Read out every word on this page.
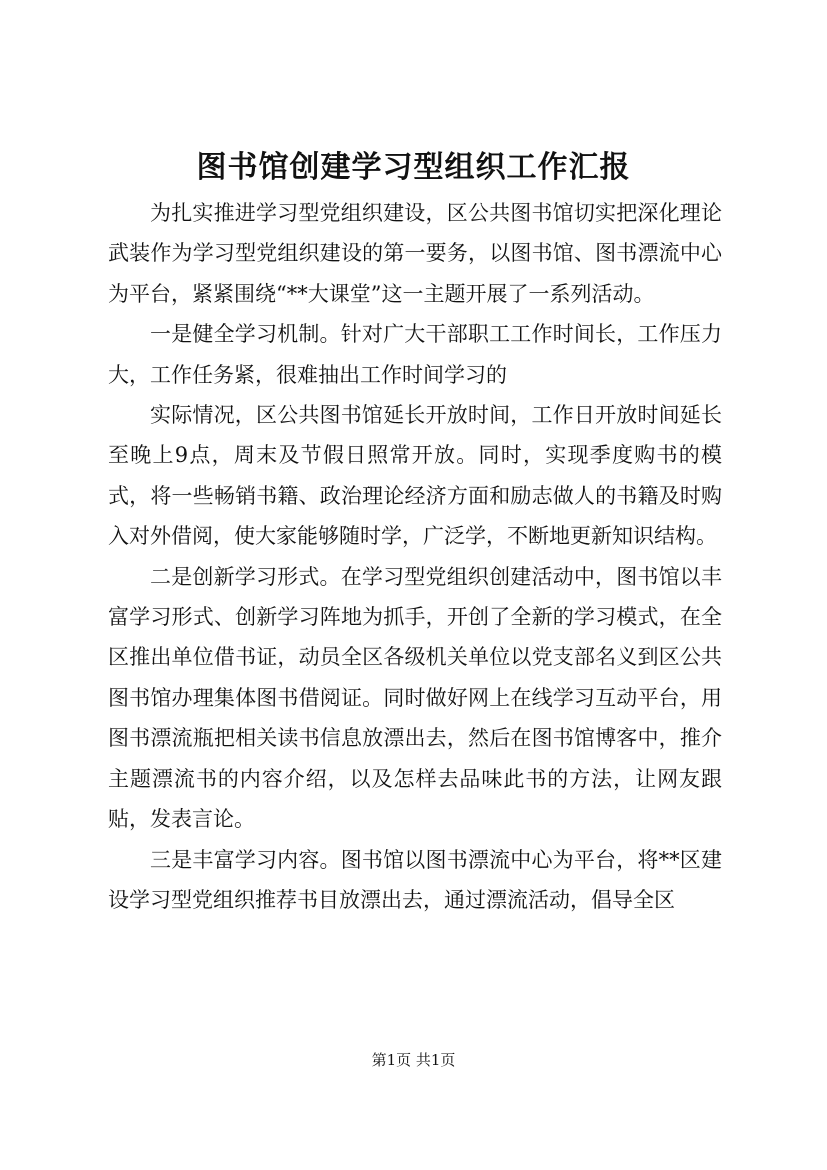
图书馆创建学习型组织工作汇报

为扎实推进学习型党组织建设，区公共图书馆切实把深化理论武装作为学习型党组织建设的第一要务，以图书馆、图书漂流中心为平台，紧紧围绕“**大课堂”这一主题开展了一系列活动。

一是健全学习机制。针对广大干部职工工作时间长，工作压力大，工作任务紧，很难抽出工作时间学习的

实际情况，区公共图书馆延长开放时间，工作日开放时间延长至晚上9点，周末及节假日照常开放。同时，实现季度购书的模式，将一些畅销书籍、政治理论经济方面和励志做人的书籍及时购入对外借阅，使大家能够随时学，广泛学，不断地更新知识结构。

二是创新学习形式。在学习型党组织创建活动中，图书馆以丰富学习形式、创新学习阵地为抓手，开创了全新的学习模式，在全区推出单位借书证，动员全区各级机关单位以党支部名义到区公共图书馆办理集体图书借阅证。同时做好网上在线学习互动平台，用图书漂流瓶把相关读书信息放漂出去，然后在图书馆博客中，推介主题漂流书的内容介绍，以及怎样去品味此书的方法，让网友跟贴，发表言论。

三是丰富学习内容。图书馆以图书漂流中心为平台，将**区建设学习型党组织推荐书目放漂出去，通过漂流活动，倡导全区

第1页 共1页
